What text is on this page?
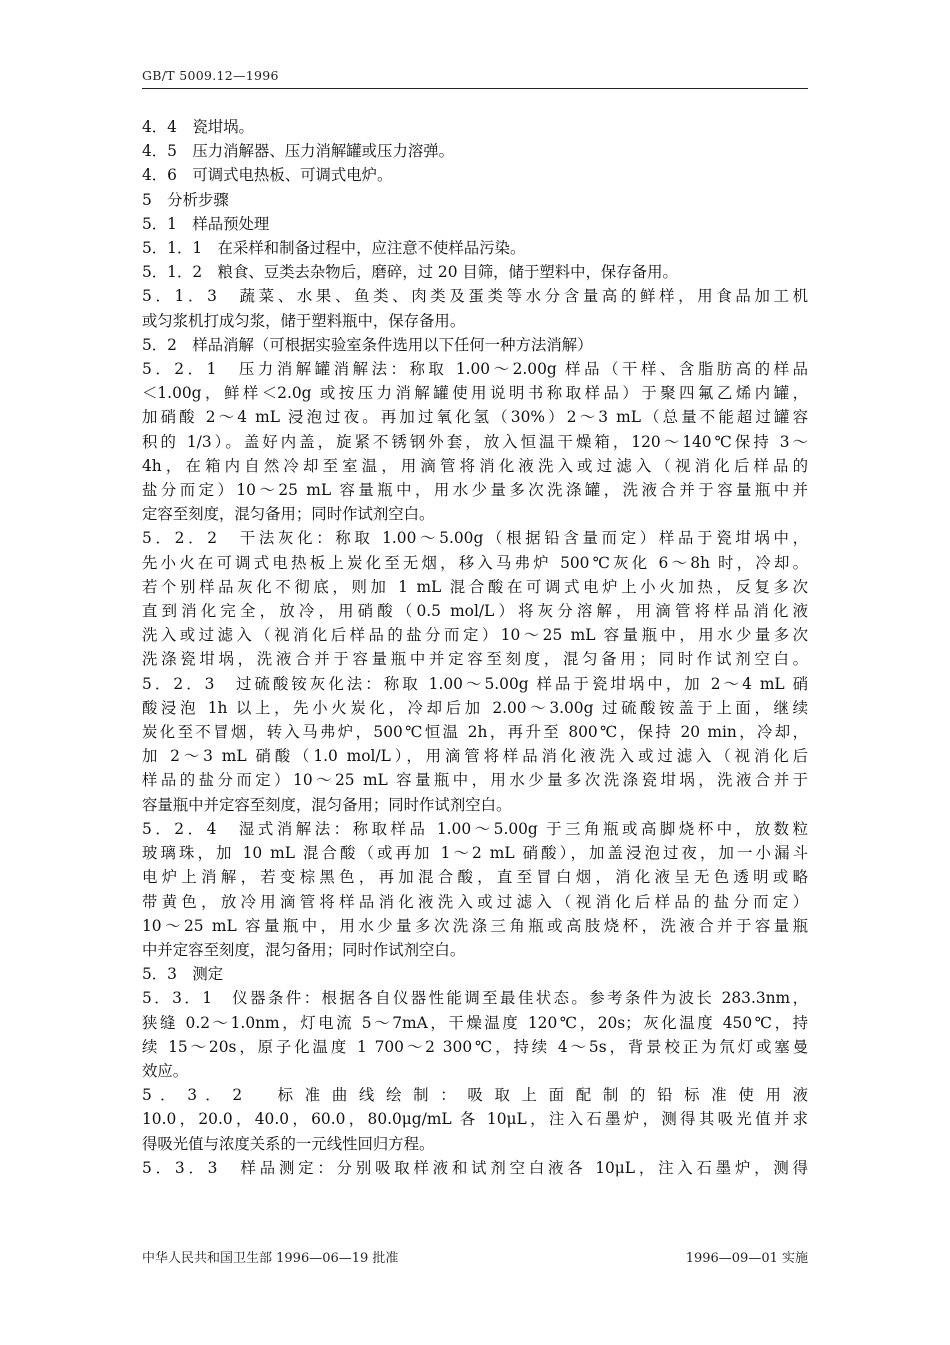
GB/T 5009.12—1996
4．4　瓷坩埚。
4．5　压力消解器、压力消解罐或压力溶弹。
4．6　可调式电热板、可调式电炉。
5　分析步骤
5．1　样品预处理
5．1．1　在采样和制备过程中，应注意不使样品污染。
5．1．2　粮食、豆类去杂物后，磨碎，过 20 目筛，储于塑料中，保存备用。
5．1．3　蔬菜、水果、鱼类、肉类及蛋类等水分含量高的鲜样，用食品加工机
或匀浆机打成匀浆，储于塑料瓶中，保存备用。
5．2　样品消解（可根据实验室条件选用以下任何一种方法消解）
5．2．1　压力消解罐消解法：称取 1.00～2.00g 样品（干样、含脂肪高的样品
＜1.00g，鲜样＜2.0g 或按压力消解罐使用说明书称取样品）于聚四氟乙烯内罐，
加硝酸 2～4 mL 浸泡过夜。再加过氧化氢（30%）2～3 mL（总量不能超过罐容
积的 1/3）。盖好内盖，旋紧不锈钢外套，放入恒温干燥箱，120～140℃保持 3～
4h，在箱内自然冷却至室温，用滴管将消化液洗入或过滤入（视消化后样品的
盐分而定）10～25 mL 容量瓶中，用水少量多次洗涤罐，洗液合并于容量瓶中并
定容至刻度，混匀备用；同时作试剂空白。
5．2．2　干法灰化：称取 1.00～5.00g（根据铅含量而定）样品于瓷坩埚中，
先小火在可调式电热板上炭化至无烟，移入马弗炉 500℃灰化 6～8h 时，冷却。
若个别样品灰化不彻底，则加 1 mL 混合酸在可调式电炉上小火加热，反复多次
直到消化完全，放冷，用硝酸（0.5 mol/L）将灰分溶解，用滴管将样品消化液
洗入或过滤入（视消化后样品的盐分而定）10～25 mL 容量瓶中，用水少量多次
洗涤瓷坩埚，洗液合并于容量瓶中并定容至刻度，混匀备用；同时作试剂空白。
5．2．3　过硫酸铵灰化法：称取 1.00～5.00g 样品于瓷坩埚中，加 2～4 mL 硝
酸浸泡 1h 以上，先小火炭化，冷却后加 2.00～3.00g 过硫酸铵盖于上面，继续
炭化至不冒烟，转入马弗炉，500℃恒温 2h，再升至 800℃，保持 20 min，冷却，
加 2～3 mL 硝酸（1.0 mol/L），用滴管将样品消化液洗入或过滤入（视消化后
样品的盐分而定）10～25 mL 容量瓶中，用水少量多次洗涤瓷坩埚，洗液合并于
容量瓶中并定容至刻度，混匀备用；同时作试剂空白。
5．2．4　湿式消解法：称取样品 1.00～5.00g 于三角瓶或高脚烧杯中，放数粒
玻璃珠，加 10 mL 混合酸（或再加 1～2 mL 硝酸），加盖浸泡过夜，加一小漏斗
电炉上消解，若变棕黑色，再加混合酸，直至冒白烟，消化液呈无色透明或略
带黄色，放冷用滴管将样品消化液洗入或过滤入（视消化后样品的盐分而定）
10～25 mL 容量瓶中，用水少量多次洗涤三角瓶或高肢烧杯，洗液合并于容量瓶
中并定容至刻度，混匀备用；同时作试剂空白。
5．3　测定
5．3．1　仪器条件：根据各自仪器性能调至最佳状态。参考条件为波长 283.3nm，
狭缝 0.2～1.0nm，灯电流 5～7mA，干燥温度 120℃，20s；灰化温度 450℃，持
续 15～20s，原子化温度 1 700～2 300℃，持续 4～5s，背景校正为氘灯或塞曼
效应。
5 ． 3 ． 2 　 标 准 曲 线 绘 制 ： 吸 取 上 面 配 制 的 铅 标 准 使 用 液
10.0，20.0，40.0，60.0，80.0μg/mL 各 10μL，注入石墨炉，测得其吸光值并求
得吸光值与浓度关系的一元线性回归方程。
5．3．3　样品测定：分别吸取样液和试剂空白液各 10μL，注入石墨炉，测得
中华人民共和国卫生部 1996—06—19 批准	1996—09—01 实施
